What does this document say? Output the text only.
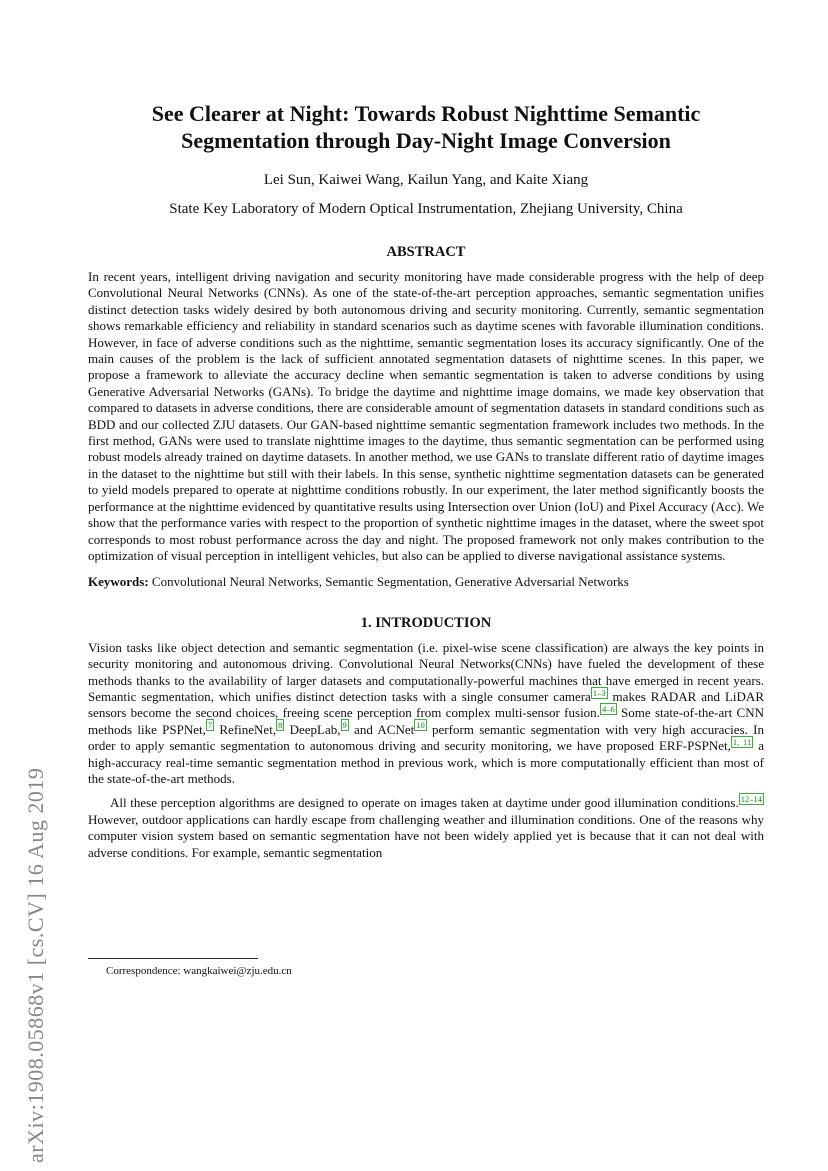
arXiv:1908.05868v1 [cs.CV] 16 Aug 2019
See Clearer at Night: Towards Robust Nighttime Semantic
Segmentation through Day-Night Image Conversion
Lei Sun, Kaiwei Wang, Kailun Yang, and Kaite Xiang
State Key Laboratory of Modern Optical Instrumentation, Zhejiang University, China
ABSTRACT

In recent years, intelligent driving navigation and security monitoring have made considerable progress with the help of deep Convolutional Neural Networks (CNNs). As one of the state-of-the-art perception approaches, semantic segmentation unifies distinct detection tasks widely desired by both autonomous driving and security monitoring. Currently, semantic segmentation shows remarkable efficiency and reliability in standard scenarios such as daytime scenes with favorable illumination conditions. However, in face of adverse conditions such as the nighttime, semantic segmentation loses its accuracy significantly. One of the main causes of the problem is the lack of sufficient annotated segmentation datasets of nighttime scenes. In this paper, we propose a framework to alleviate the accuracy decline when semantic segmentation is taken to adverse conditions by using Generative Adversarial Networks (GANs). To bridge the daytime and nighttime image domains, we made key observation that compared to datasets in adverse conditions, there are considerable amount of segmentation datasets in standard conditions such as BDD and our collected ZJU datasets. Our GAN-based nighttime semantic segmentation framework includes two methods. In the first method, GANs were used to translate nighttime images to the daytime, thus semantic segmentation can be performed using robust models already trained on daytime datasets. In another method, we use GANs to translate different ratio of daytime images in the dataset to the nighttime but still with their labels. In this sense, synthetic nighttime segmentation datasets can be generated to yield models prepared to operate at nighttime conditions robustly. In our experiment, the later method significantly boosts the performance at the nighttime evidenced by quantitative results using Intersection over Union (IoU) and Pixel Accuracy (Acc). We show that the performance varies with respect to the proportion of synthetic nighttime images in the dataset, where the sweet spot corresponds to most robust performance across the day and night. The proposed framework not only makes contribution to the optimization of visual perception in intelligent vehicles, but also can be applied to diverse navigational assistance systems.

Keywords: Convolutional Neural Networks, Semantic Segmentation, Generative Adversarial Networks

1. INTRODUCTION

Vision tasks like object detection and semantic segmentation (i.e. pixel-wise scene classification) are always the key points in security monitoring and autonomous driving. Convolutional Neural Networks(CNNs) have fueled the development of these methods thanks to the availability of larger datasets and computationally-powerful machines that have emerged in recent years. Semantic segmentation, which unifies distinct detection tasks with a single consumer camera $^{1-3}$ makes RADAR and LiDAR sensors become the second choices, freeing scene perception from complex multi-sensor fusion. $^{4-6}$ Some state-of-the-art CNN methods like PSPNet, $^7$ RefineNet, $^8$ DeepLab, $^9$ and ACNet $^{10}$ perform semantic segmentation with very high accuracies. In order to apply semantic segmentation to autonomous driving and security monitoring, we have proposed ERF-PSPNet, $^{1, 11}$ a high-accuracy real-time semantic segmentation method in previous work, which is more computationally efficient than most of the state-of-the-art methods.

All these perception algorithms are designed to operate on images taken at daytime under good illumination conditions. $^{12-14}$ However, outdoor applications can hardly escape from challenging weather and illumination conditions. One of the reasons why computer vision system based on semantic segmentation have not been widely applied yet is because that it can not deal with adverse conditions. For example, semantic segmentation

Correspondence: wangkaiwei@zju.edu.cn
